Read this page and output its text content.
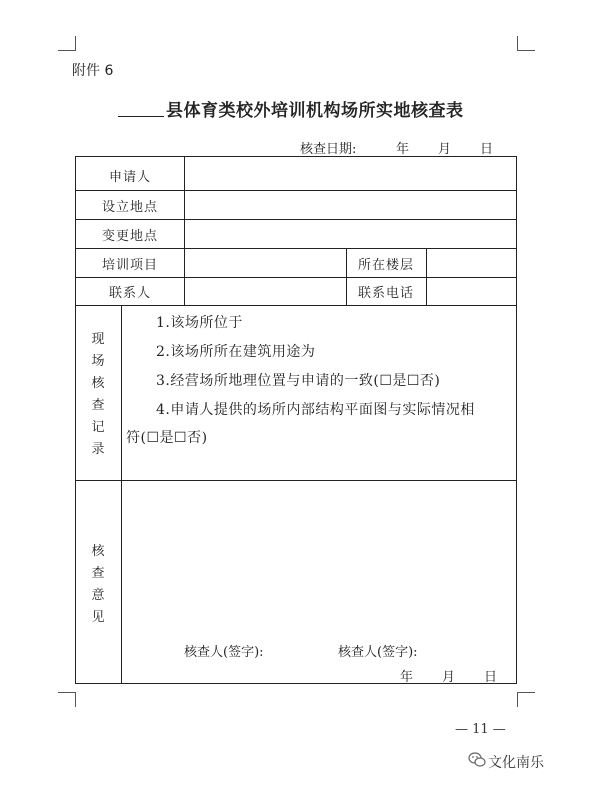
附件 6
县体育类校外培训机构场所实地核查表
核查日期:	年 月 日
申请人
设立地点
变更地点
培训项目	所在楼层
联系人	联系电话
现
场
核
查
记
录
1.该场所位于
2.该场所所在建筑用途为
3.经营场所地理位置与申请的一致(☐是☐否)
4.申请人提供的场所内部结构平面图与实际情况相
符(☐是☐否)
核
查
意
见
核查人(签字):	核查人(签字):
年 月 日
— 11 —
文化南乐
